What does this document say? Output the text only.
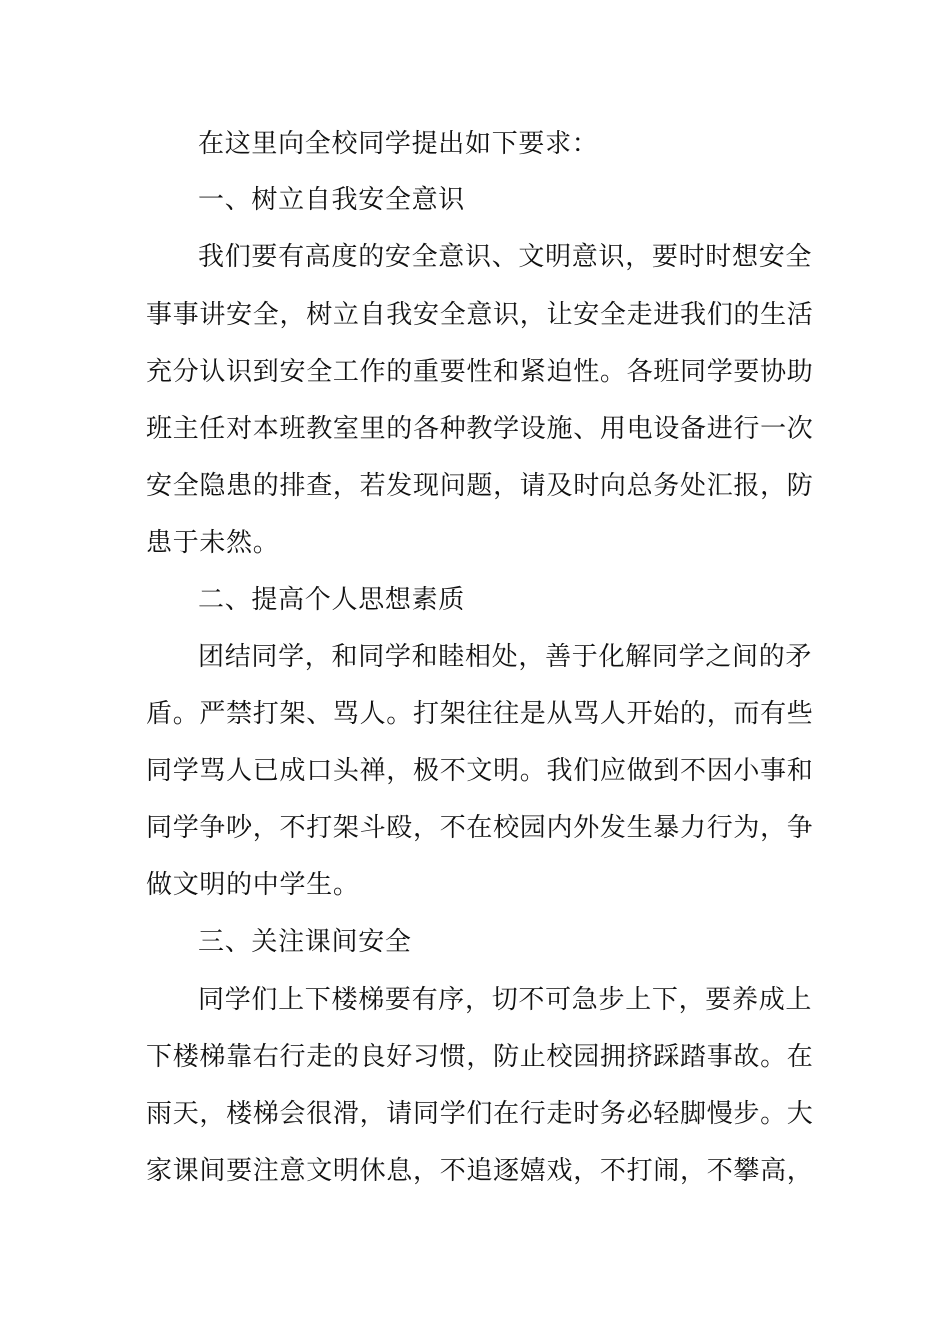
在这里向全校同学提出如下要求：
一、树立自我安全意识
我们要有高度的安全意识、文明意识，要时时想安全
事事讲安全，树立自我安全意识，让安全走进我们的生活
充分认识到安全工作的重要性和紧迫性。各班同学要协助
班主任对本班教室里的各种教学设施、用电设备进行一次
安全隐患的排查，若发现问题，请及时向总务处汇报，防
患于未然。
二、提高个人思想素质
团结同学，和同学和睦相处，善于化解同学之间的矛
盾。严禁打架、骂人。打架往往是从骂人开始的，而有些
同学骂人已成口头禅，极不文明。我们应做到不因小事和
同学争吵，不打架斗殴，不在校园内外发生暴力行为，争
做文明的中学生。
三、关注课间安全
同学们上下楼梯要有序，切不可急步上下，要养成上
下楼梯靠右行走的良好习惯，防止校园拥挤踩踏事故。在
雨天，楼梯会很滑，请同学们在行走时务必轻脚慢步。大
家课间要注意文明休息，不追逐嬉戏，不打闹，不攀高，
